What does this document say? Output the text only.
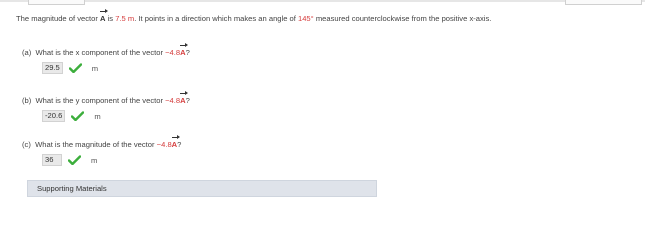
The magnitude of vector A is 7.5 m. It points in a direction which makes an angle of 145° measured counterclockwise from the positive x-axis.
(a) What is the x component of the vector −4.8A?
29.5	m
(b) What is the y component of the vector −4.8A?
-20.6	m
(c) What is the magnitude of the vector −4.8A?
36	m
Supporting Materials
